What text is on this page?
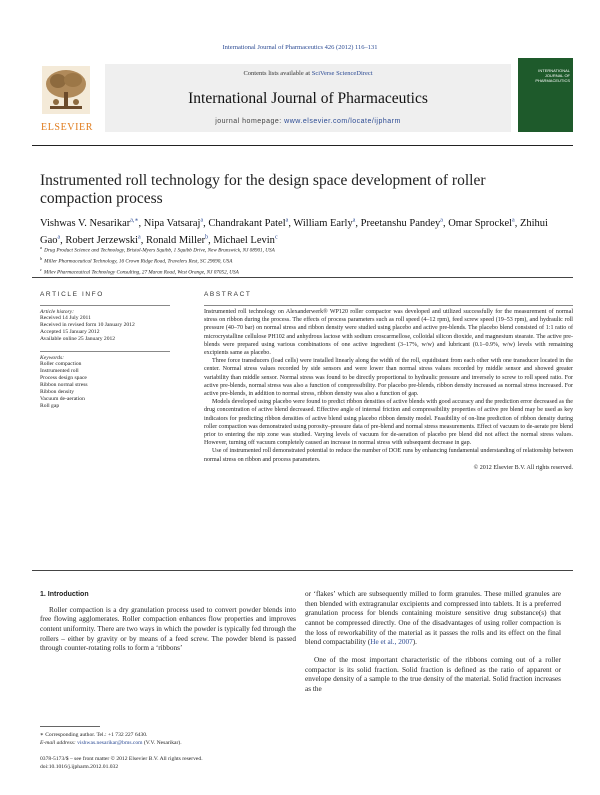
International Journal of Pharmaceutics 426 (2012) 116–131
ELSEVIER
Contents lists available at SciVerse ScienceDirect
International Journal of Pharmaceutics
journal homepage: www.elsevier.com/locate/ijpharm
INTERNATIONAL
JOURNAL OF
PHARMACEUTICS
Instrumented roll technology for the design space development of roller compaction process
Vishwas V. Nesarikar$^{a,∗}$, Nipa Vatsaraj$^a$, Chandrakant Patel$^a$, William Early$^a$, Preetanshu Pandey$^a$, Omar Sprockel$^a$, Zhihui Gao$^a$, Robert Jerzewski$^a$, Ronald Miller$^b$, Michael Levin$^c$
$^a$Drug Product Science and Technology, Bristol-Myers Squibb, 1 Squibb Drive, New Brunswick, NJ 08901, USA
$^b$Miller Pharmaceutical Technology, 16 Crown Ridge Road, Travelers Rest, SC 29690, USA
$^c$Milev Pharmaceutical Technology Consulting, 27 Maran Road, West Orange, NJ 07052, USA
ARTICLE INFO
Article history:
Received 14 July 2011
Received in revised form 10 January 2012
Accepted 15 January 2012
Available online 25 January 2012
Keywords:
Roller compaction
Instrumented roll
Process design space
Ribbon normal stress
Ribbon density
Vacuum de-aeration
Roll gap
ABSTRACT

Instrumented roll technology on Alexanderwerk® WP120 roller compactor was developed and utilized successfully for the measurement of normal stress on ribbon during the process. The effects of process parameters such as roll speed (4–12 rpm), feed screw speed (19–53 rpm), and hydraulic roll pressure (40–70 bar) on normal stress and ribbon density were studied using placebo and active pre-blends. The placebo blend consisted of 1:1 ratio of microcrystalline cellulose PH102 and anhydrous lactose with sodium croscarmellose, colloidal silicon dioxide, and magnesium stearate. The active pre-blends were prepared using various combinations of one active ingredient (3–17%, w/w) and lubricant (0.1–0.9%, w/w) levels with remaining excipients same as placebo.

Three force transducers (load cells) were installed linearly along the width of the roll, equidistant from each other with one transducer located in the center. Normal stress values recorded by side sensors and were lower than normal stress values recorded by middle sensor and showed greater variability than middle sensor. Normal stress was found to be directly proportional to hydraulic pressure and inversely to screw to roll speed ratio. For active pre-blends, normal stress was also a function of compressibility. For placebo pre-blends, ribbon density increased as normal stress increased. For active pre-blends, in addition to normal stress, ribbon density was also a function of gap.

Models developed using placebo were found to predict ribbon densities of active blends with good accuracy and the prediction error decreased as the drug concentration of active blend decreased. Effective angle of internal friction and compressibility properties of active pre blend may be used as key indicators for predicting ribbon densities of active blend using placebo ribbon density model. Feasibility of on-line prediction of ribbon density during roller compaction was demonstrated using porosity–pressure data of pre-blend and normal stress measurements. Effect of vacuum to de-aerate pre blend prior to entering the nip zone was studied. Varying levels of vacuum for de-aeration of placebo pre blend did not affect the normal stress values. However, turning off vacuum completely caused an increase in normal stress with subsequent decrease in gap.

Use of instrumented roll demonstrated potential to reduce the number of DOE runs by enhancing fundamental understanding of relationship between normal stress on ribbon and process parameters.

© 2012 Elsevier B.V. All rights reserved.
1. Introduction

Roller compaction is a dry granulation process used to convert powder blends into free flowing agglomerates. Roller compaction enhances flow properties and improves content uniformity. There are two ways in which the powder is typically fed through the rollers – either by gravity or by means of a feed screw. The powder blend is passed through counter-rotating rolls to form a ‘ribbons’

or ‘flakes’ which are subsequently milled to form granules. These milled granules are then blended with extragranular excipients and compressed into tablets. It is a preferred granulation process for blends containing moisture sensitive drug substance(s) that cannot be compressed directly. One of the disadvantages of using roller compaction is the loss of reworkability of the material as it passes the rolls and its effect on the final blend compactability (He et al., 2007).

One of the most important characteristic of the ribbons coming out of a roller compactor is its solid fraction. Solid fraction is defined as the ratio of apparent or envelope density of a sample to the true density of the material. Solid fraction increases as the

∗ Corresponding author. Tel.: +1 732 227 6430.
E-mail address: vishwas.nesarikar@bms.com (V.V. Nesarikar).
0378-5173/$ – see front matter © 2012 Elsevier B.V. All rights reserved.
doi:10.1016/j.ijpharm.2012.01.032
